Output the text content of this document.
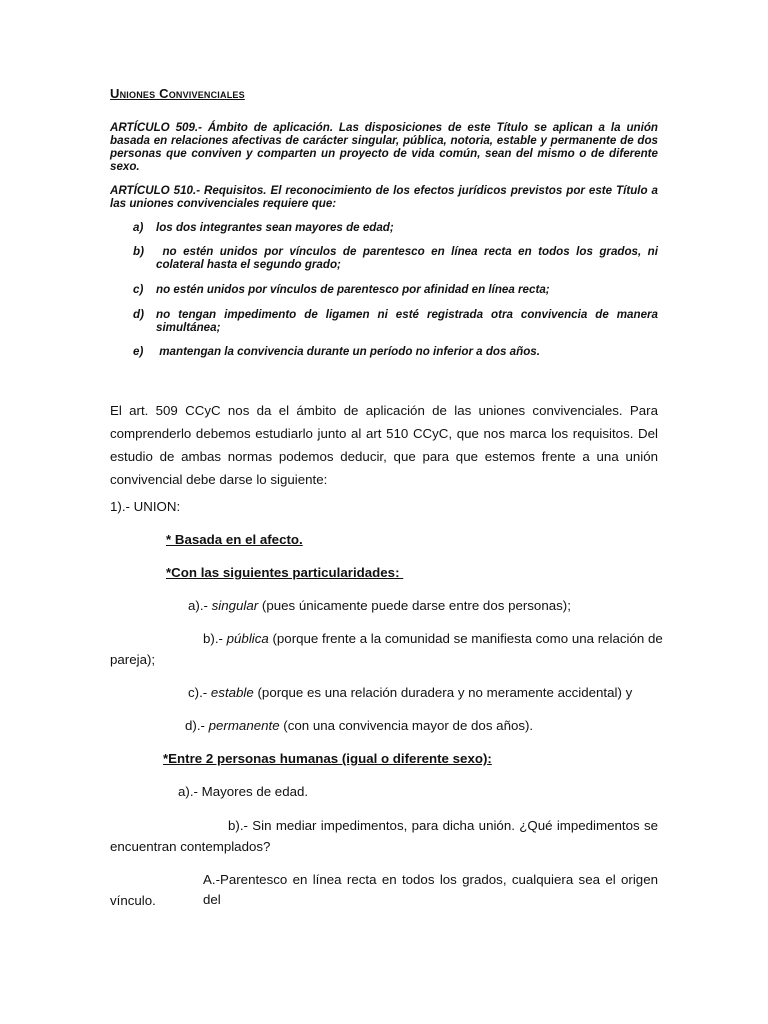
Uniones Convivenciales
ARTÍCULO 509.- Ámbito de aplicación. Las disposiciones de este Título se aplican a la unión basada en relaciones afectivas de carácter singular, pública, notoria, estable y permanente de dos personas que conviven y comparten un proyecto de vida común, sean del mismo o de diferente sexo.
ARTÍCULO 510.- Requisitos. El reconocimiento de los efectos jurídicos previstos por este Título a las uniones convivenciales requiere que:
a)	los dos integrantes sean mayores de edad;
b)	no estén unidos por vínculos de parentesco en línea recta en todos los grados, ni colateral hasta el segundo grado;
c)	no estén unidos por vínculos de parentesco por afinidad en línea recta;
d)	no tengan impedimento de ligamen ni esté registrada otra convivencia de manera simultánea;
e)	mantengan la convivencia durante un período no inferior a dos años.
El art. 509 CCyC nos da el ámbito de aplicación de las uniones convivenciales. Para comprenderlo debemos estudiarlo junto al art 510 CCyC, que nos marca los requisitos. Del estudio de ambas normas podemos deducir, que para que estemos frente a una unión convivencial debe darse lo siguiente:
1).- UNION:
* Basada en el afecto.
*Con las siguientes particularidades:
a).- singular (pues únicamente puede darse entre dos personas);
b).- pública (porque frente a la comunidad se manifiesta como una relación de
pareja);
c).- estable (porque es una relación duradera y no meramente accidental) y
d).- permanente (con una convivencia mayor de dos años).
*Entre 2 personas humanas (igual o diferente sexo):
a).- Mayores de edad.
b).- Sin mediar impedimentos, para dicha unión. ¿Qué impedimentos se
encuentran contemplados?
A.-Parentesco en línea recta en todos los grados, cualquiera sea el origen del
vínculo.
